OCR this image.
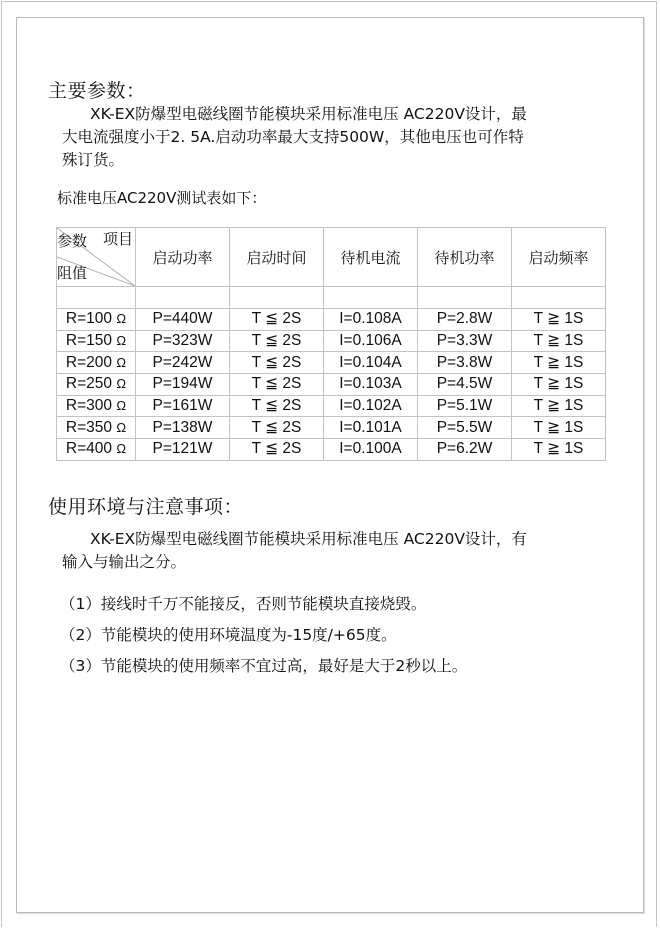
主要参数：
XK-EX防爆型电磁线圈节能模块采用标准电压 AC220V设计，最
大电流强度小于2. 5A.启动功率最大支持500W，其他电压也可作特
殊订货。
标准电压AC220V测试表如下：
参数 项目
阻值	启动功率	启动时间	待机电流	待机功率	启动频率

R=100 Ω	P=440W	T ≦ 2S	I=0.108A	P=2.8W	T ≧ 1S
R=150 Ω	P=323W	T ≦ 2S	I=0.106A	P=3.3W	T ≧ 1S
R=200 Ω	P=242W	T ≦ 2S	I=0.104A	P=3.8W	T ≧ 1S
R=250 Ω	P=194W	T ≦ 2S	I=0.103A	P=4.5W	T ≧ 1S
R=300 Ω	P=161W	T ≦ 2S	I=0.102A	P=5.1W	T ≧ 1S
R=350 Ω	P=138W	T ≦ 2S	I=0.101A	P=5.5W	T ≧ 1S
R=400 Ω	P=121W	T ≦ 2S	I=0.100A	P=6.2W	T ≧ 1S
使用环境与注意事项：
XK-EX防爆型电磁线圈节能模块采用标准电压 AC220V设计，有
输入与输出之分。
（1）接线时千万不能接反，否则节能模块直接烧毁。
（2）节能模块的使用环境温度为-15度/+65度。
（3）节能模块的使用频率不宜过高，最好是大于2秒以上。
